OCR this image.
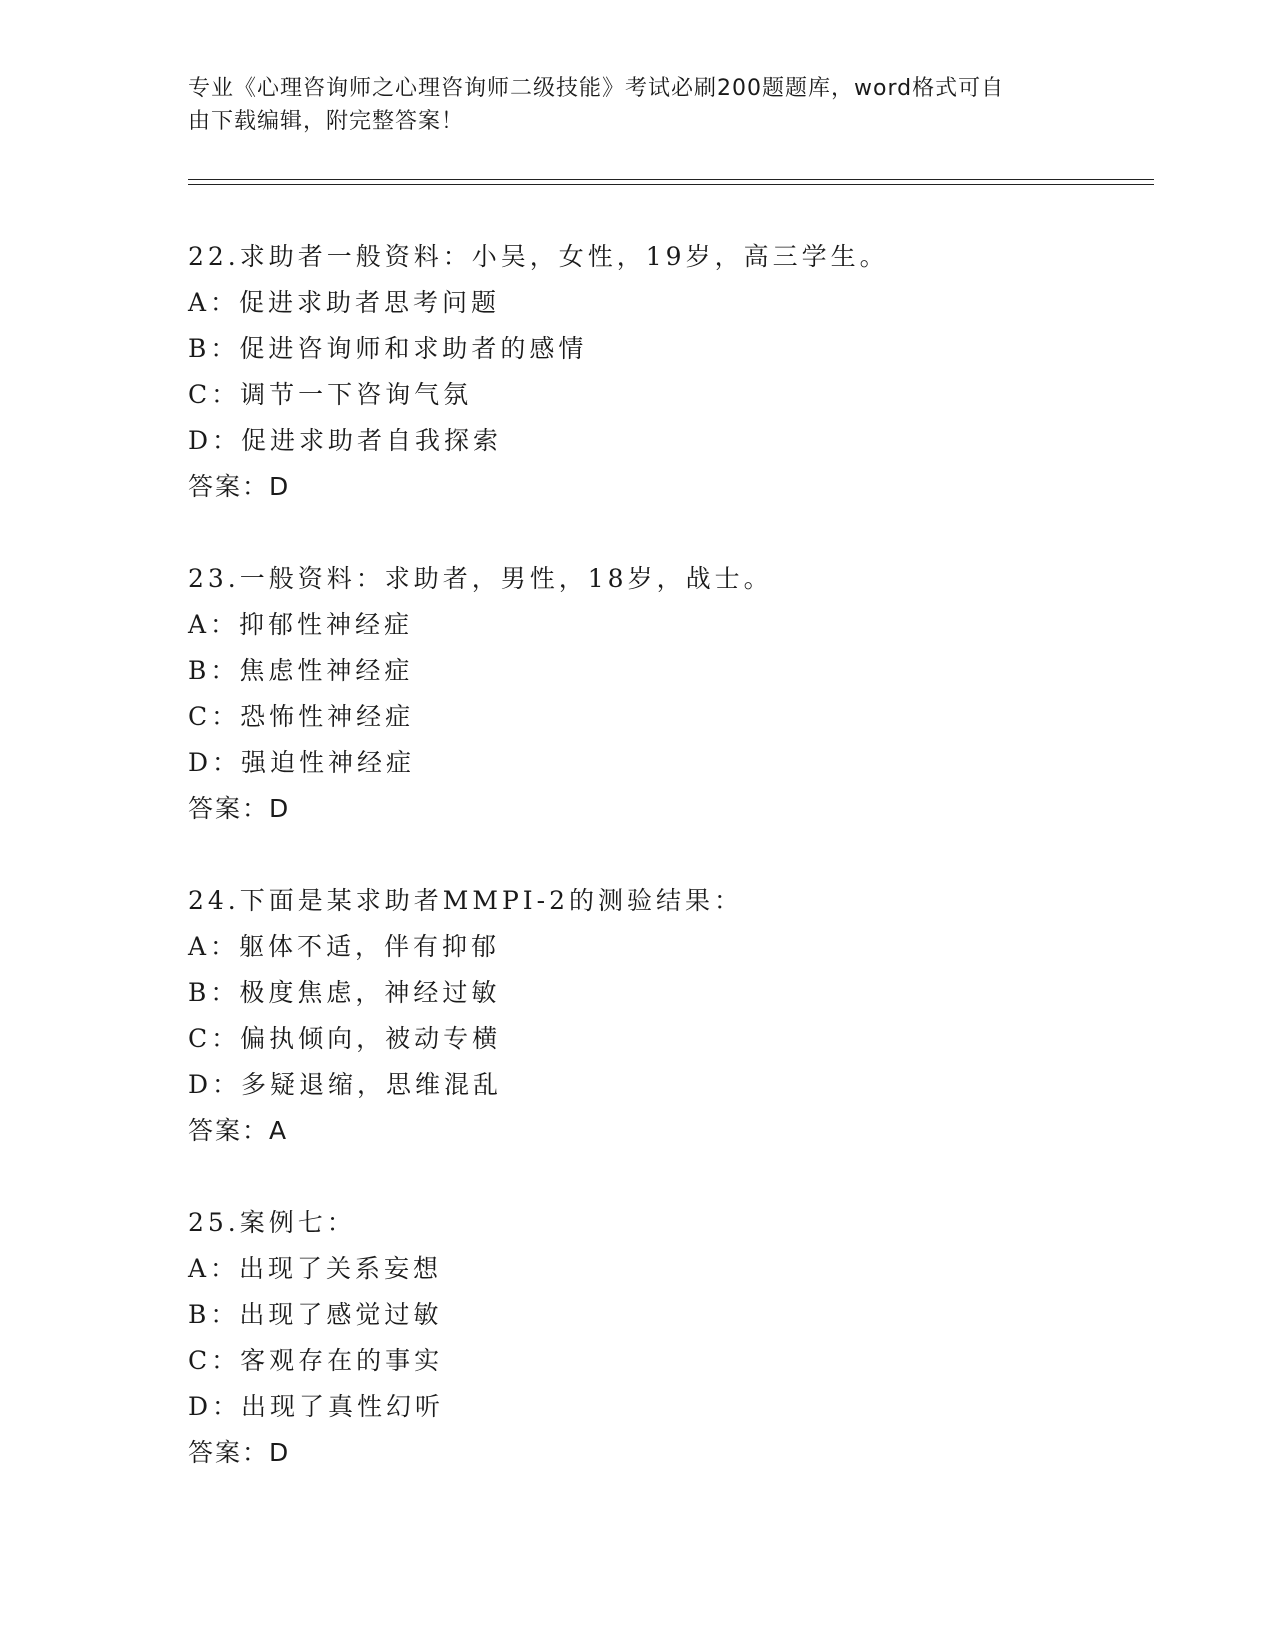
专业《心理咨询师之心理咨询师二级技能》考试必刷200题题库，word格式可自
由下载编辑，附完整答案！
22.求助者一般资料：小吴，女性，19岁，高三学生。
A：促进求助者思考问题
B：促进咨询师和求助者的感情
C：调节一下咨询气氛
D：促进求助者自我探索
答案：D
23.一般资料：求助者，男性，18岁，战士。
A：抑郁性神经症
B：焦虑性神经症
C：恐怖性神经症
D：强迫性神经症
答案：D
24.下面是某求助者MMPI-2的测验结果：
A：躯体不适，伴有抑郁
B：极度焦虑，神经过敏
C：偏执倾向，被动专横
D：多疑退缩，思维混乱
答案：A
25.案例七：
A：出现了关系妄想
B：出现了感觉过敏
C：客观存在的事实
D：出现了真性幻听
答案：D
